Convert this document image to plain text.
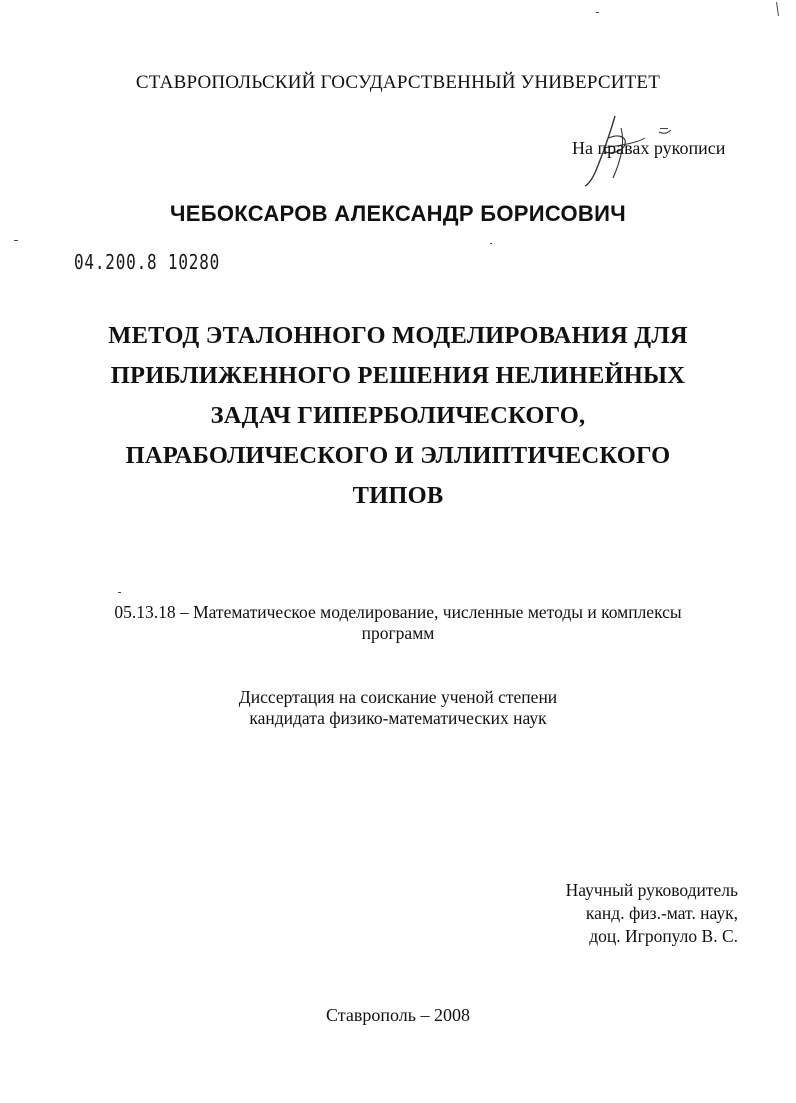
СТАВРОПОЛЬСКИЙ ГОСУДАРСТВЕННЫЙ УНИВЕРСИТЕТ
На правах рукописи
ЧЕБОКСАРОВ АЛЕКСАНДР БОРИСОВИЧ
04.200.8 10280
МЕТОД ЭТАЛОННОГО МОДЕЛИРОВАНИЯ ДЛЯ
ПРИБЛИЖЕННОГО РЕШЕНИЯ НЕЛИНЕЙНЫХ
ЗАДАЧ ГИПЕРБОЛИЧЕСКОГО,
ПАРАБОЛИЧЕСКОГО И ЭЛЛИПТИЧЕСКОГО
ТИПОВ
05.13.18 – Математическое моделирование, численные методы и комплексы
программ
Диссертация на соискание ученой степени
кандидата физико-математических наук
Научный руководитель
канд. физ.-мат. наук,
доц. Игропуло В. С.
Ставрополь – 2008
